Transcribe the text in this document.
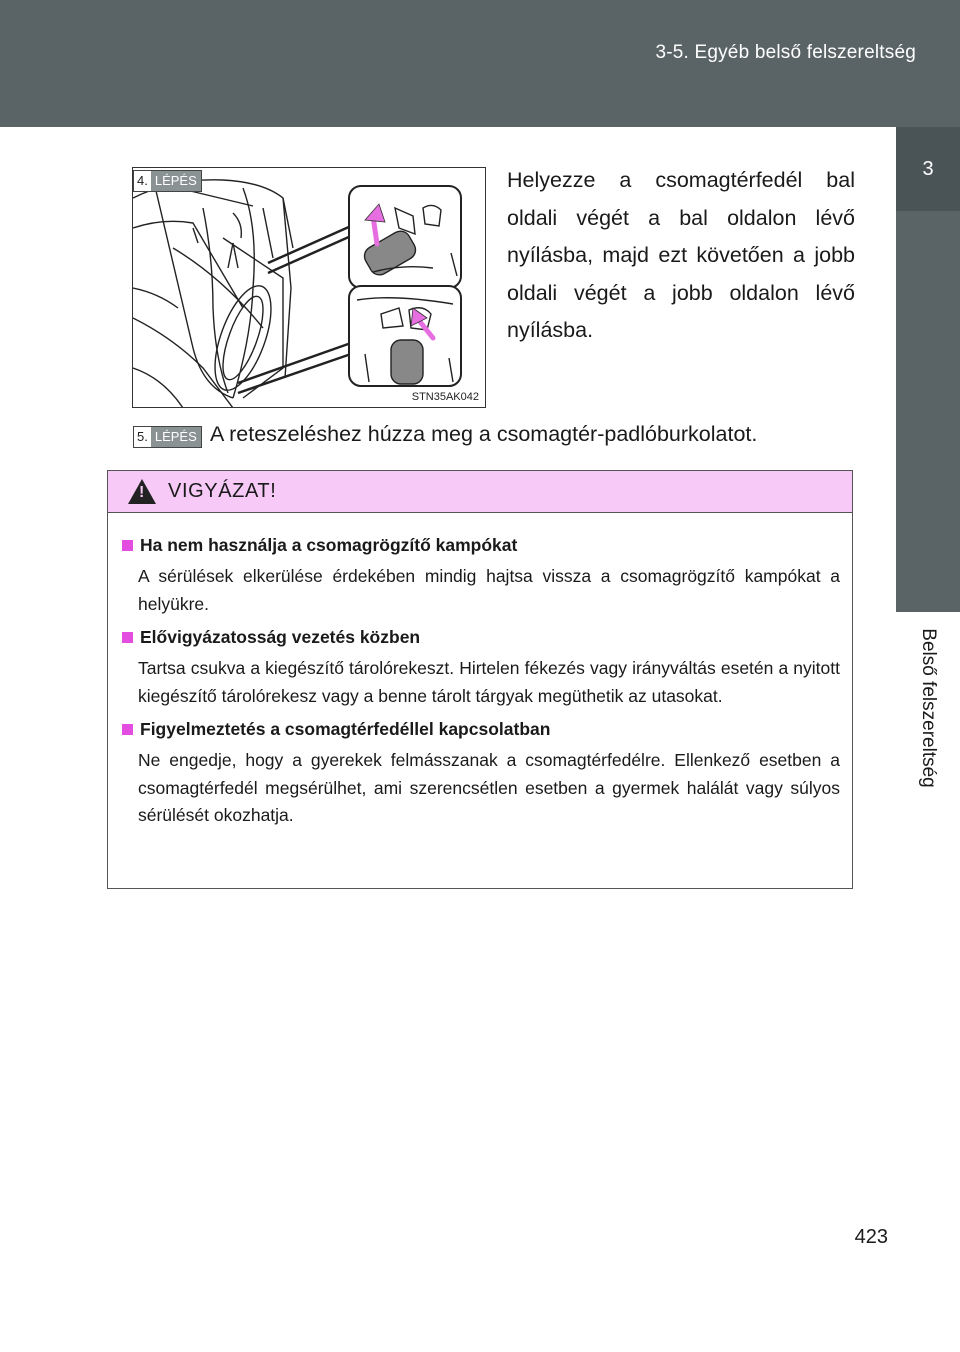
3-5. Egyéb belső felszereltség
3
Belső felszereltség
STN35AK042
4. LÉPÉS	Helyezze a csomagtérfedél bal oldali végét a bal oldalon lévő nyílásba, majd ezt követően a jobb oldali végét a jobb oldalon lévő nyílásba.
5. LÉPÉS A reteszeléshez húzza meg a csomagtér-padlóburkolatot.
! VIGYÁZAT!
Ha nem használja a csomagrögzítő kampókat
A sérülések elkerülése érdekében mindig hajtsa vissza a csomagrögzítő kampókat a helyükre.
Elővigyázatosság vezetés közben
Tartsa csukva a kiegészítő tárolórekeszt. Hirtelen fékezés vagy irányváltás esetén a nyitott kiegészítő tárolórekesz vagy a benne tárolt tárgyak megüthetik az utasokat.
Figyelmeztetés a csomagtérfedéllel kapcsolatban
Ne engedje, hogy a gyerekek felmásszanak a csomagtérfedélre. Ellenkező esetben a csomagtérfedél megsérülhet, ami szerencsétlen esetben a gyermek halálát vagy súlyos sérülését okozhatja.
423
